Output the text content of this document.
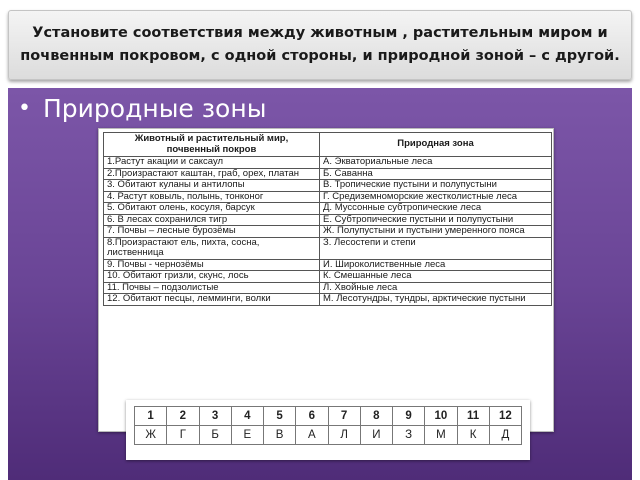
Установите соответствия между животным , растительным миром и почвенным покровом, с одной стороны, и природной зоной – с другой.
• Природные зоны
Животный и растительный мир, почвенный покров	Природная зона
1.Растут акации и саксаул	А. Экваториальные леса
2.Произрастают каштан, граб, орех, платан	Б. Саванна
3. Обитают куланы и антилопы	В. Тропические пустыни и полупустыни
4. Растут ковыль, полынь, тонконог	Г. Средиземноморские жестколистные леса
5. Обитают олень, косуля, барсук	Д. Муссонные субтропические леса
6. В лесах сохранился тигр	Е. Субтропические пустыни и полупустыни
7. Почвы – лесные бурозёмы	Ж. Полупустыни и пустыни умеренного пояса
8.Произрастают ель, пихта, сосна, лиственница	З. Лесостепи и степи
9. Почвы - чернозёмы	И. Широколиственные леса
10. Обитают гризли, скунс, лось	К. Смешанные леса
11. Почвы – подзолистые	Л. Хвойные леса
12. Обитают песцы, лемминги, волки	М. Лесотундры, тундры, арктические пустыни
1	2	3	4	5	6	7	8	9	10	11	12
Ж	Г	Б	Е	В	А	Л	И	З	М	К	Д
